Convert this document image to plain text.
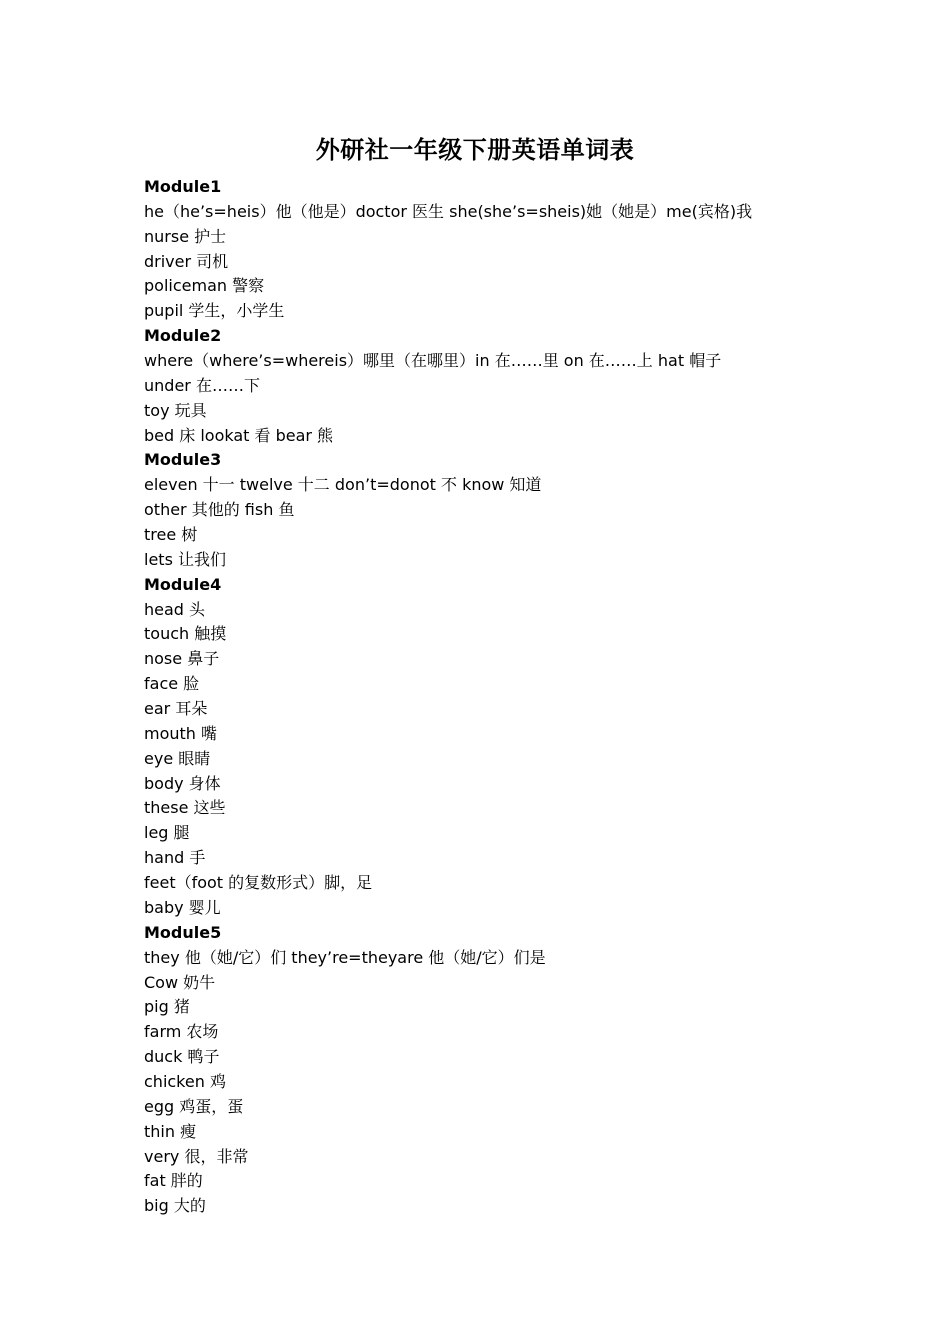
外研社一年级下册英语单词表
Module1
he（he’s=heis）他（他是）doctor 医生 she(she’s=sheis)她（她是）me(宾格)我
nurse 护士
driver 司机
policeman 警察
pupil 学生，小学生
Module2
where（where’s=whereis）哪里（在哪里）in 在……里 on 在……上 hat 帽子
under 在……下
toy 玩具
bed 床 lookat 看 bear 熊
Module3
eleven 十一 twelve 十二 don’t=donot 不 know 知道
other 其他的 fish 鱼
tree 树
lets 让我们
Module4
head 头
touch 触摸
nose 鼻子
face 脸
ear 耳朵
mouth 嘴
eye 眼睛
body 身体
these 这些
leg 腿
hand 手
feet（foot 的复数形式）脚，足
baby 婴儿
Module5
they 他（她/它）们 they’re=theyare 他（她/它）们是
Cow 奶牛
pig 猪
farm 农场
duck 鸭子
chicken 鸡
egg 鸡蛋，蛋
thin 瘦
very 很，非常
fat 胖的
big 大的
